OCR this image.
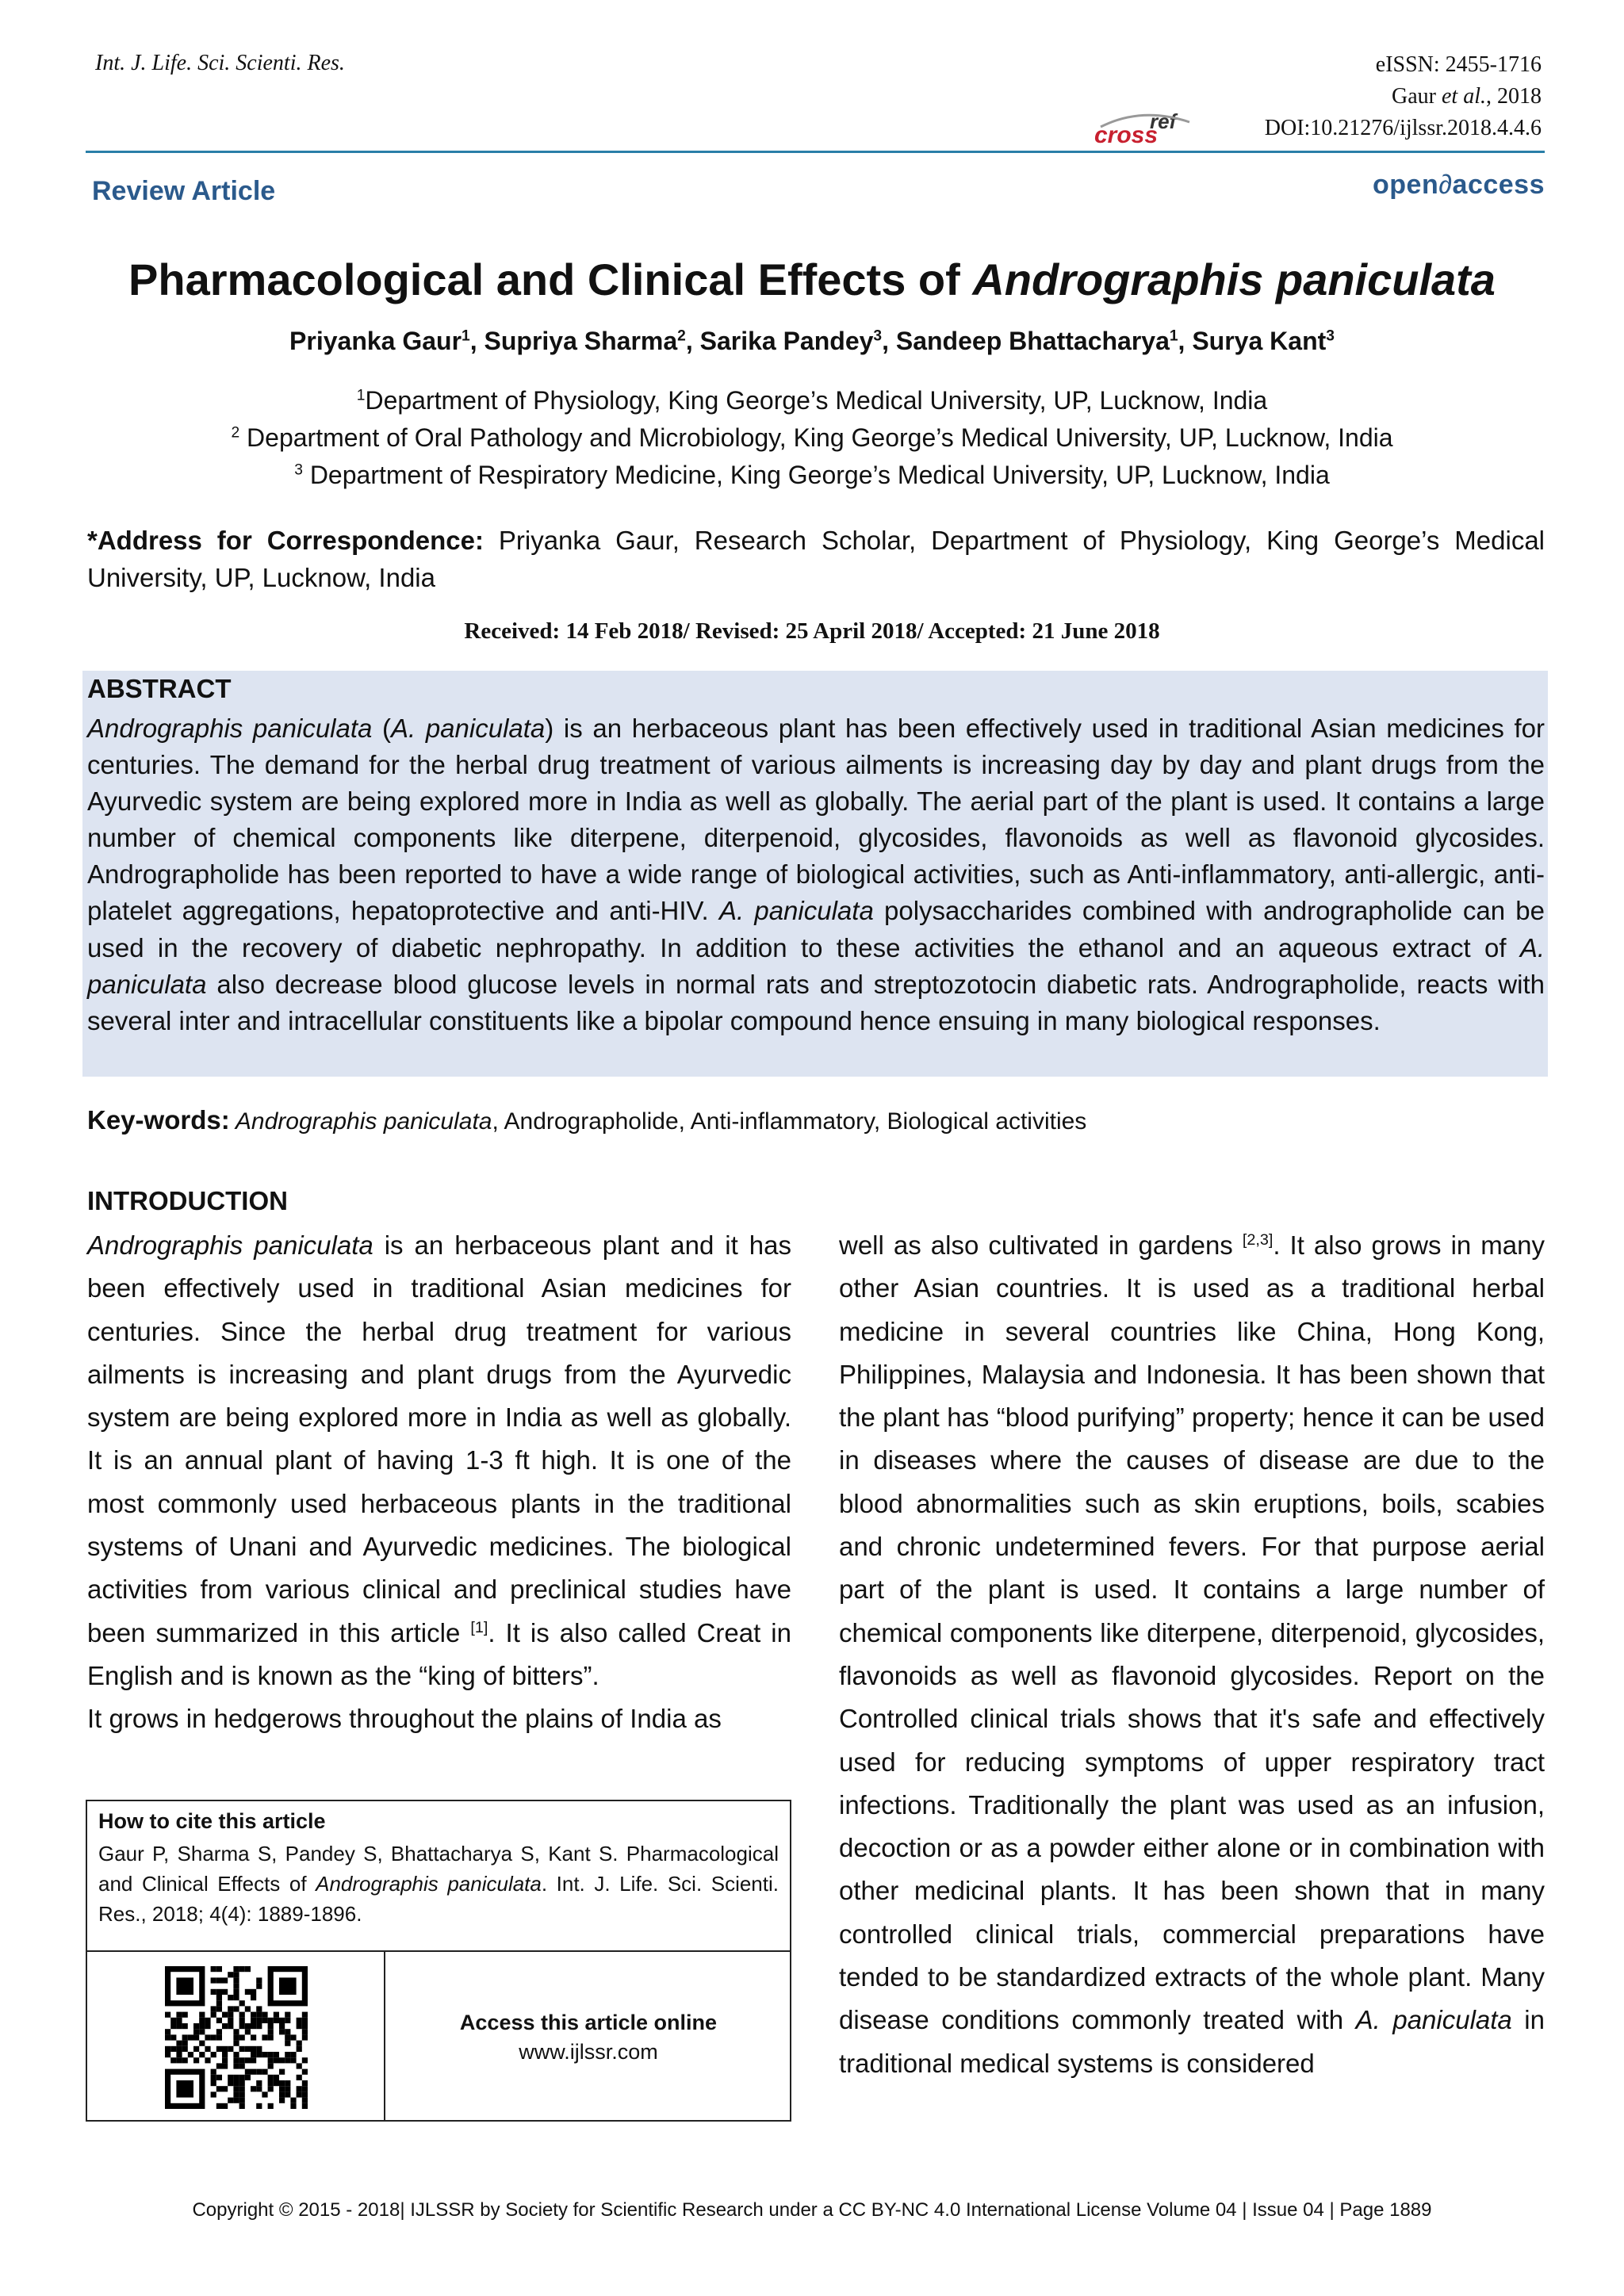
Int. J. Life. Sci. Scienti. Res.	eISSN: 2455-1716
Gaur et al., 2018
DOI:10.21276/ijlssr.2018.4.4.6
cross
ref
Review Article	open∂access
Pharmacological and Clinical Effects of Andrographis paniculata
Priyanka Gaur$^1$, Supriya Sharma$^2$, Sarika Pandey$^3$, Sandeep Bhattacharya$^1$, Surya Kant$^3$
$^1$Department of Physiology, King George’s Medical University, UP, Lucknow, India
$^2$ Department of Oral Pathology and Microbiology, King George’s Medical University, UP, Lucknow, India
$^3$ Department of Respiratory Medicine, King George’s Medical University, UP, Lucknow, India
*Address for Correspondence: Priyanka Gaur, Research Scholar, Department of Physiology, King George’s Medical University, UP, Lucknow, India
Received: 14 Feb 2018/ Revised: 25 April 2018/ Accepted: 21 June 2018
ABSTRACT
Andrographis paniculata (A. paniculata) is an herbaceous plant has been effectively used in traditional Asian medicines for centuries. The demand for the herbal drug treatment of various ailments is increasing day by day and plant drugs from the Ayurvedic system are being explored more in India as well as globally. The aerial part of the plant is used. It contains a large number of chemical components like diterpene, diterpenoid, glycosides, flavonoids as well as flavonoid glycosides. Andrographolide has been reported to have a wide range of biological activities, such as Anti-inflammatory, anti-allergic, anti-platelet aggregations, hepatoprotective and anti-HIV. A. paniculata polysaccharides combined with andrographolide can be used in the recovery of diabetic nephropathy. In addition to these activities the ethanol and an aqueous extract of A. paniculata also decrease blood glucose levels in normal rats and streptozotocin diabetic rats. Andrographolide, reacts with several inter and intracellular constituents like a bipolar compound hence ensuing in many biological responses.
Key-words: Andrographis paniculata, Andrographolide, Anti-inflammatory, Biological activities
INTRODUCTION
Andrographis paniculata is an herbaceous plant and it has been effectively used in traditional Asian medicines for centuries. Since the herbal drug treatment for various ailments is increasing and plant drugs from the Ayurvedic system are being explored more in India as well as globally. It is an annual plant of having 1-3 ft high. It is one of the most commonly used herbaceous plants in the traditional systems of Unani and Ayurvedic medicines. The biological activities from various clinical and preclinical studies have been summarized in this article [1]. It is also called Creat in English and is known as the “king of bitters”.
It grows in hedgerows throughout the plains of India as
well as also cultivated in gardens [2,3]. It also grows in many other Asian countries. It is used as a traditional herbal medicine in several countries like China, Hong Kong, Philippines, Malaysia and Indonesia. It has been shown that the plant has “blood purifying” property; hence it can be used in diseases where the causes of disease are due to the blood abnormalities such as skin eruptions, boils, scabies and chronic undetermined fevers. For that purpose aerial part of the plant is used. It contains a large number of chemical components like diterpene, diterpenoid, glycosides, flavonoids as well as flavonoid glycosides. Report on the Controlled clinical trials shows that it's safe and effectively used for reducing symptoms of upper respiratory tract infections. Traditionally the plant was used as an infusion, decoction or as a powder either alone or in combination with other medicinal plants. It has been shown that in many controlled clinical trials, commercial preparations have tended to be standardized extracts of the whole plant. Many disease conditions commonly treated with A. paniculata in traditional medical systems is considered
How to cite this article
Gaur P, Sharma S, Pandey S, Bhattacharya S, Kant S. Pharmacological and Clinical Effects of Andrographis paniculata. Int. J. Life. Sci. Scienti. Res., 2018; 4(4): 1889-1896.
Access this article online
www.ijlssr.com
Copyright © 2015 - 2018| IJLSSR by Society for Scientific Research under a CC BY-NC 4.0 International License Volume 04 | Issue 04 | Page 1889
